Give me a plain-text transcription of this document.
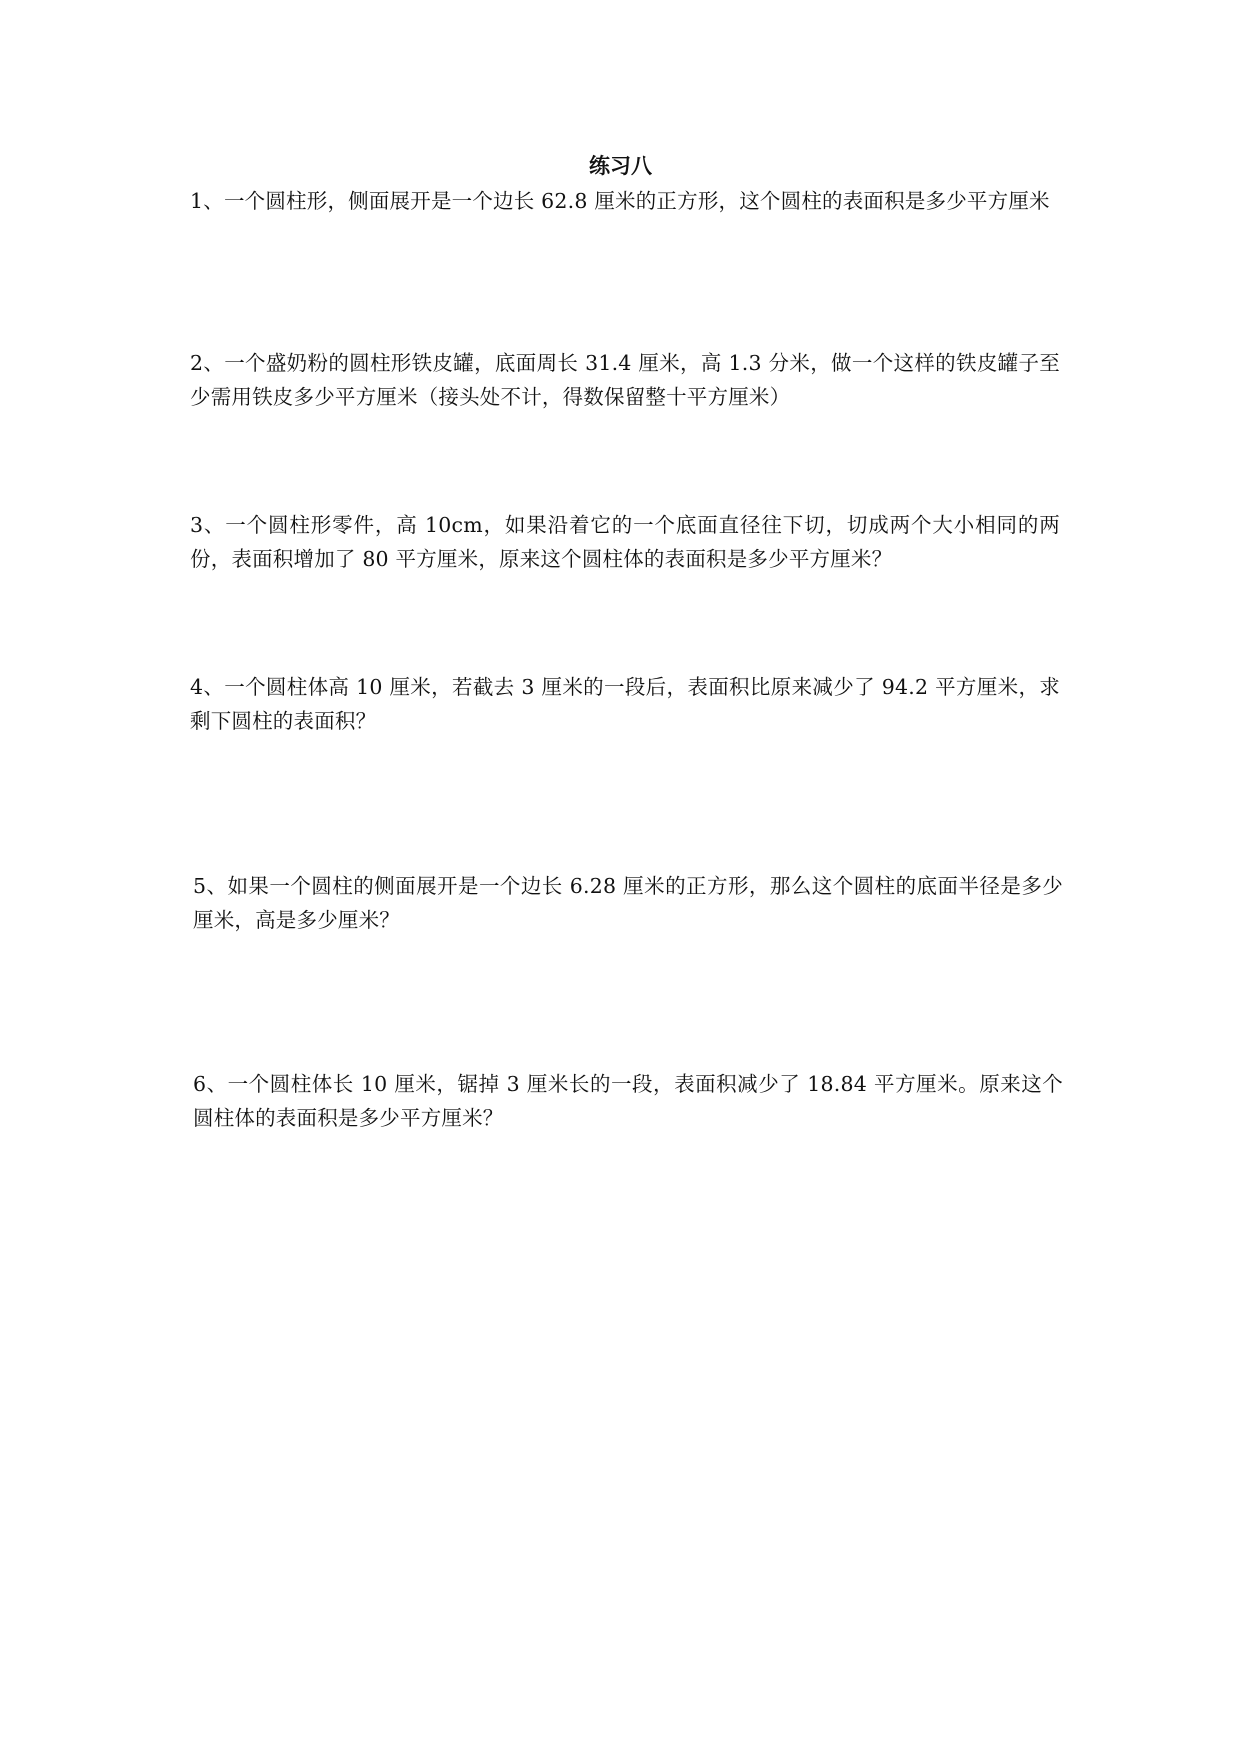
练习八
1、一个圆柱形，侧面展开是一个边长 62.8 厘米的正方形，这个圆柱的表面积是多少平方厘米
2、一个盛奶粉的圆柱形铁皮罐，底面周长 31.4 厘米，高 1.3 分米，做一个这样的铁皮罐子至少需用铁皮多少平方厘米（接头处不计，得数保留整十平方厘米）
3、一个圆柱形零件，高 10cm，如果沿着它的一个底面直径往下切，切成两个大小相同的两份，表面积增加了 80 平方厘米，原来这个圆柱体的表面积是多少平方厘米？
4、一个圆柱体高 10 厘米，若截去 3 厘米的一段后，表面积比原来减少了 94.2 平方厘米，求剩下圆柱的表面积？
5、如果一个圆柱的侧面展开是一个边长 6.28 厘米的正方形，那么这个圆柱的底面半径是多少厘米，高是多少厘米？
6、一个圆柱体长 10 厘米，锯掉 3 厘米长的一段，表面积减少了 18.84 平方厘米。原来这个圆柱体的表面积是多少平方厘米？
